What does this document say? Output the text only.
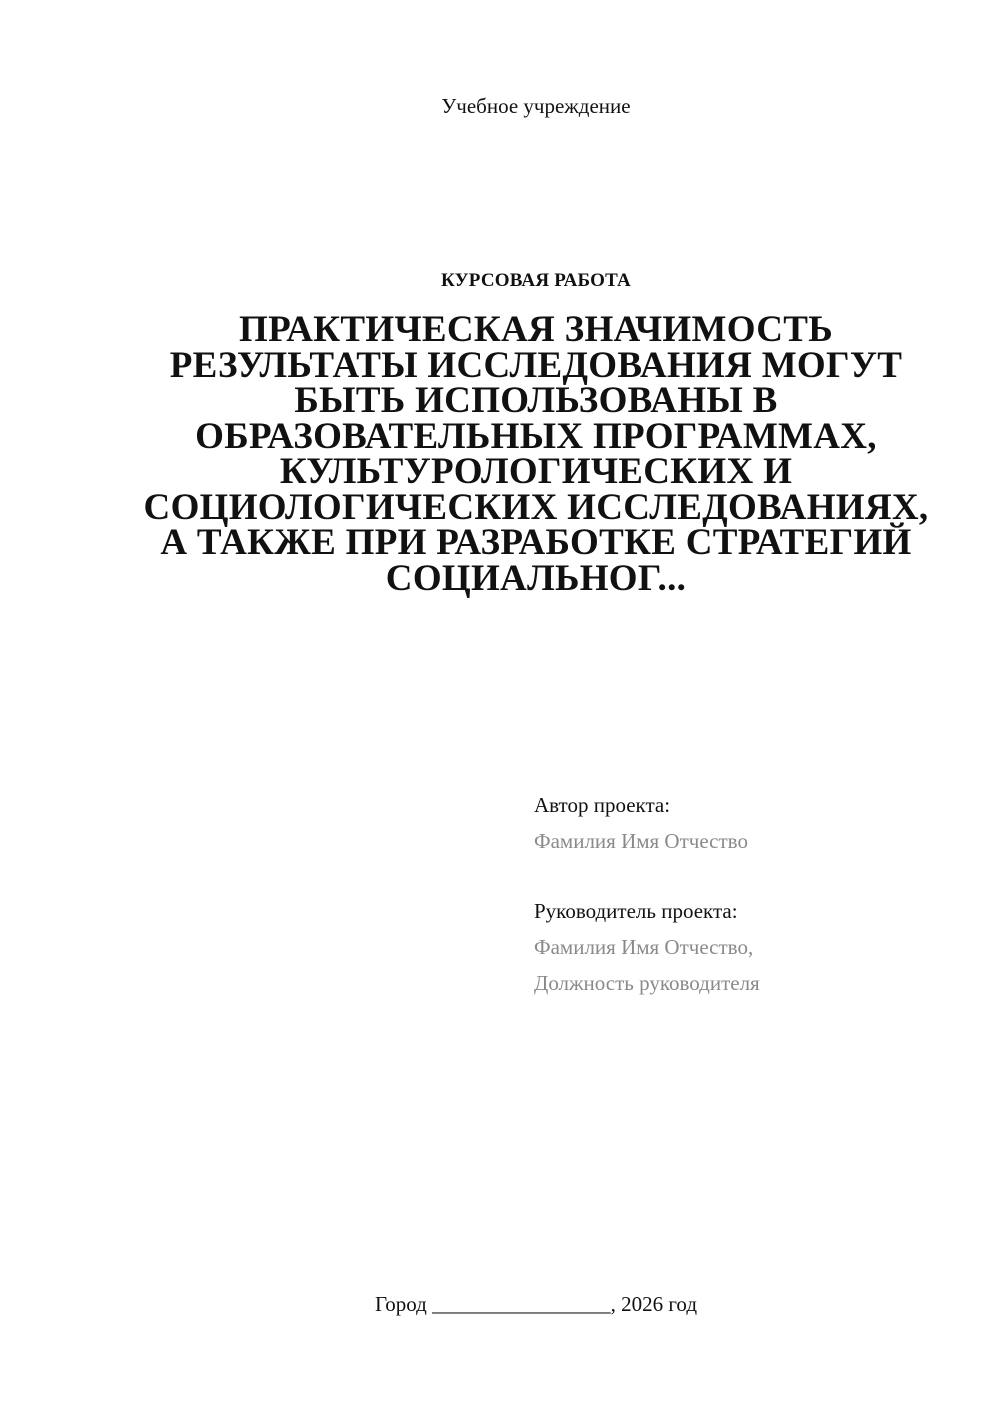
Учебное учреждение
КУРСОВАЯ РАБОТА
ПРАКТИЧЕСКАЯ ЗНАЧИМОСТЬ РЕЗУЛЬТАТЫ ИССЛЕДОВАНИЯ МОГУТ БЫТЬ ИСПОЛЬЗОВАНЫ В ОБРАЗОВАТЕЛЬНЫХ ПРОГРАММАХ, КУЛЬТУРОЛОГИЧЕСКИХ И СОЦИОЛОГИЧЕСКИХ ИССЛЕДОВАНИЯХ, А ТАКЖЕ ПРИ РАЗРАБОТКЕ СТРАТЕГИЙ СОЦИАЛЬНОГ...
Автор проекта:
Фамилия Имя Отчество
Руководитель проекта:
Фамилия Имя Отчество,
Должность руководителя
Город _________________, 2026 год
